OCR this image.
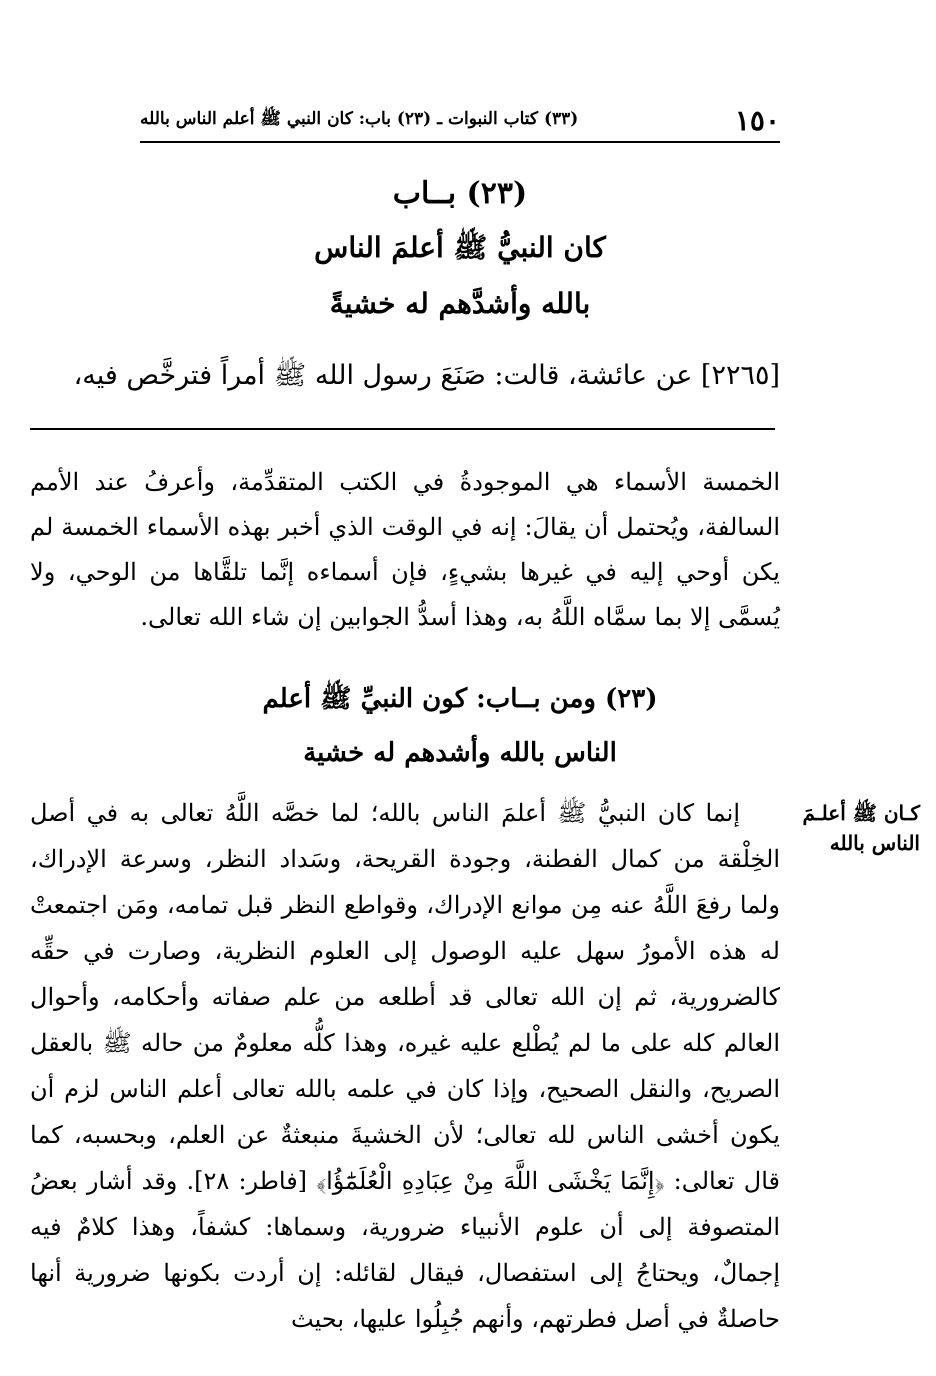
١٥٠
(٣٣) كتاب النبوات ـ (٢٣) باب: كان النبي ﷺ أعلم الناس بالله
(٢٣) بــاب
كان النبيُّ ﷺ أعلمَ الناس
بالله وأشدَّهم له خشيةً
[٢٢٦٥] عن عائشة، قالت: صَنَعَ رسول الله ﷺ أمراً فترخَّص فيه،

الخمسة الأسماء هي الموجودةُ في الكتب المتقدِّمة، وأعرفُ عند الأمم السالفة، ويُحتمل أن يقالَ: إنه في الوقت الذي أخبر بهذه الأسماء الخمسة لم يكن أوحي إليه في غيرها بشيءٍ، فإن أسماءه إنَّما تلقَّاها من الوحي، ولا يُسمَّى إلا بما سمَّاه اللَّهُ به، وهذا أسدُّ الجوابين إن شاء الله تعالى.

(٢٣) ومن بــاب: كون النبيِّ ﷺ أعلم
الناس بالله وأشدهم له خشية
كـان ﷺ أعلـمَ
الناس بالله

إنما كان النبيُّ ﷺ أعلمَ الناس بالله؛ لما خصَّه اللَّهُ تعالى به في أصل الخِلْقة من كمال الفطنة، وجودة القريحة، وسَداد النظر، وسرعة الإدراك، ولما رفعَ اللَّهُ عنه مِن موانع الإدراك، وقواطع النظر قبل تمامه، ومَن اجتمعتْ له هذه الأمورُ سهل عليه الوصول إلى العلوم النظرية، وصارت في حقِّه كالضرورية، ثم إن الله تعالى قد أطلعه من علم صفاته وأحكامه، وأحوال العالم كله على ما لم يُطْلع عليه غيره، وهذا كلُّه معلومٌ من حاله ﷺ بالعقل الصريح، والنقل الصحيح، وإذا كان في علمه بالله تعالى أعلم الناس لزم أن يكون أخشى الناس لله تعالى؛ لأن الخشيةَ منبعثةٌ عن العلم، وبحسبه، كما قال تعالى: ﴿إِنَّمَا يَخْشَى اللَّهَ مِنْ عِبَادِهِ الْعُلَمَٰٓؤُا﴾ [فاطر: ٢٨]. وقد أشار بعضُ المتصوفة إلى أن علوم الأنبياء ضرورية، وسماها: كشفاً، وهذا كلامٌ فيه إجمالٌ، ويحتاجُ إلى استفصال، فيقال لقائله: إن أردت بكونها ضرورية أنها حاصلةٌ في أصل فطرتهم، وأنهم جُبِلُوا عليها، بحيث
